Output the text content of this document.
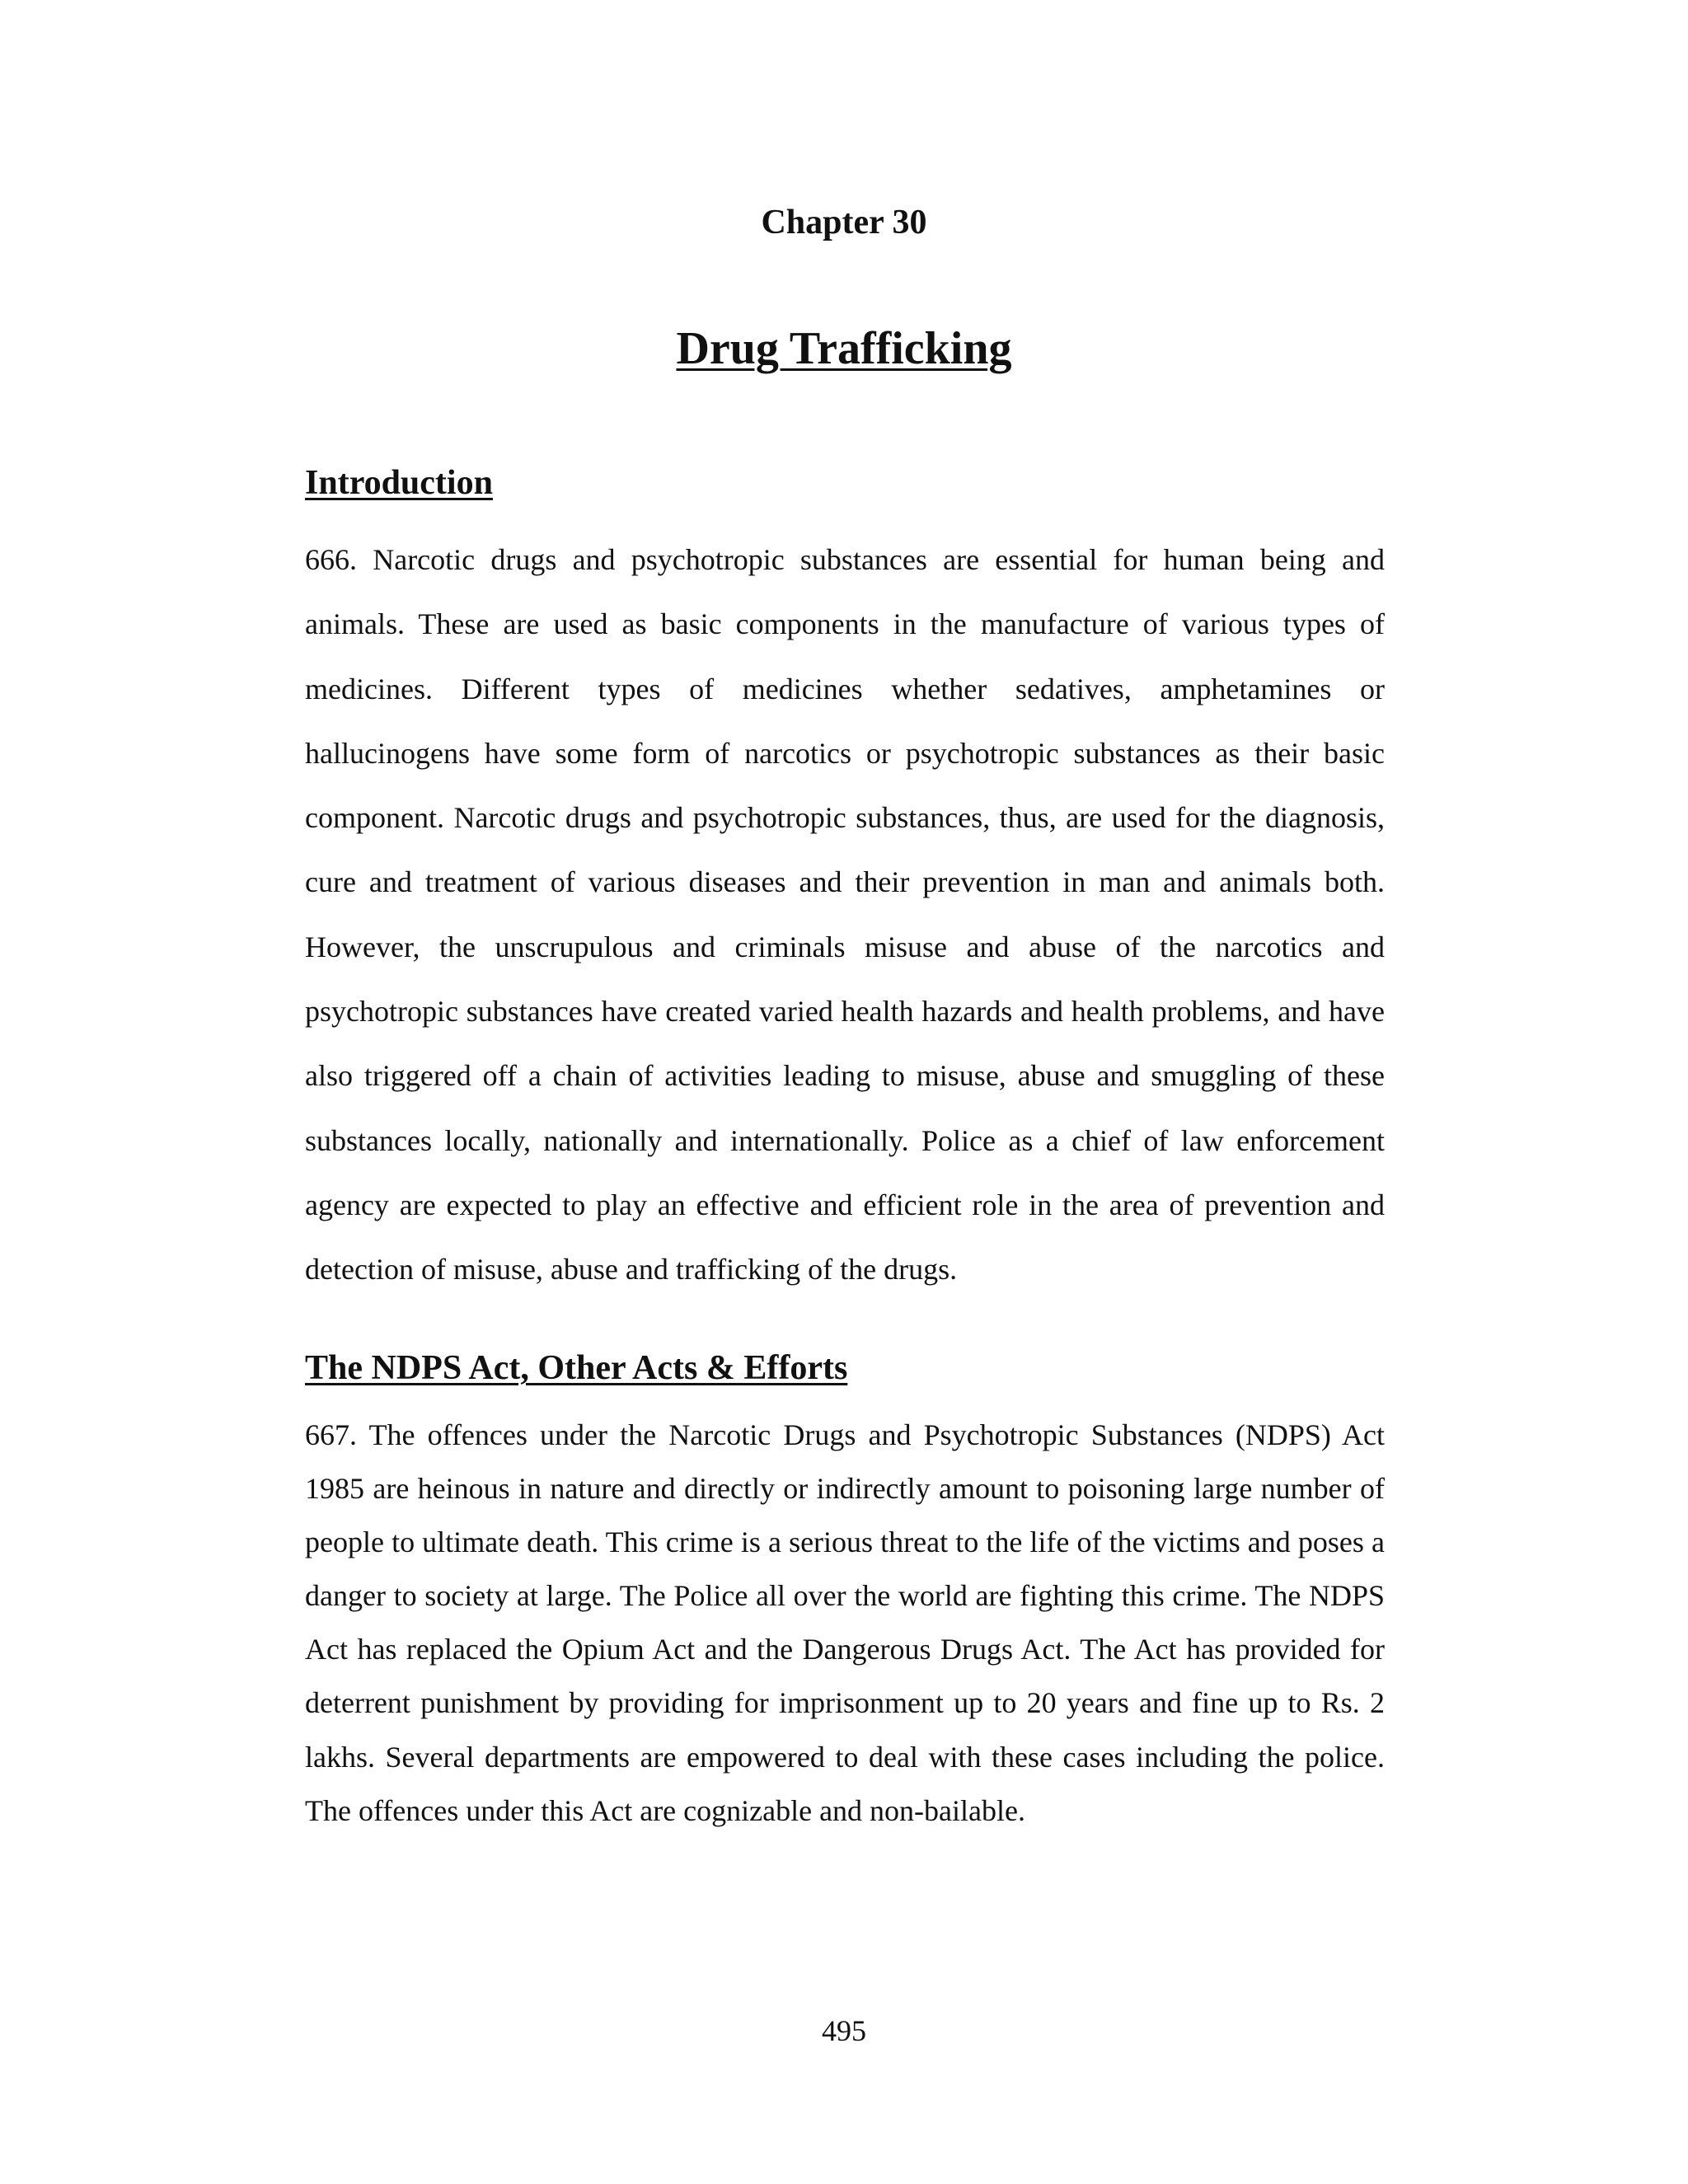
Chapter 30
Drug Trafficking
Introduction

666. Narcotic drugs and psychotropic substances are essential for human being and animals. These are used as basic components in the manufacture of various types of medicines. Different types of medicines whether sedatives, amphetamines or hallucinogens have some form of narcotics or psychotropic substances as their basic component. Narcotic drugs and psychotropic substances, thus, are used for the diagnosis, cure and treatment of various diseases and their prevention in man and animals both. However, the unscrupulous and criminals misuse and abuse of the narcotics and psychotropic substances have created varied health hazards and health problems, and have also triggered off a chain of activities leading to misuse, abuse and smuggling of these substances locally, nationally and internationally. Police as a chief of law enforcement agency are expected to play an effective and efficient role in the area of prevention and detection of misuse, abuse and trafficking of the drugs.

The NDPS Act, Other Acts & Efforts

667. The offences under the Narcotic Drugs and Psychotropic Substances (NDPS) Act 1985 are heinous in nature and directly or indirectly amount to poisoning large number of people to ultimate death. This crime is a serious threat to the life of the victims and poses a danger to society at large. The Police all over the world are fighting this crime. The NDPS Act has replaced the Opium Act and the Dangerous Drugs Act. The Act has provided for deterrent punishment by providing for imprisonment up to 20 years and fine up to Rs. 2 lakhs. Several departments are empowered to deal with these cases including the police. The offences under this Act are cognizable and non-bailable.

495
